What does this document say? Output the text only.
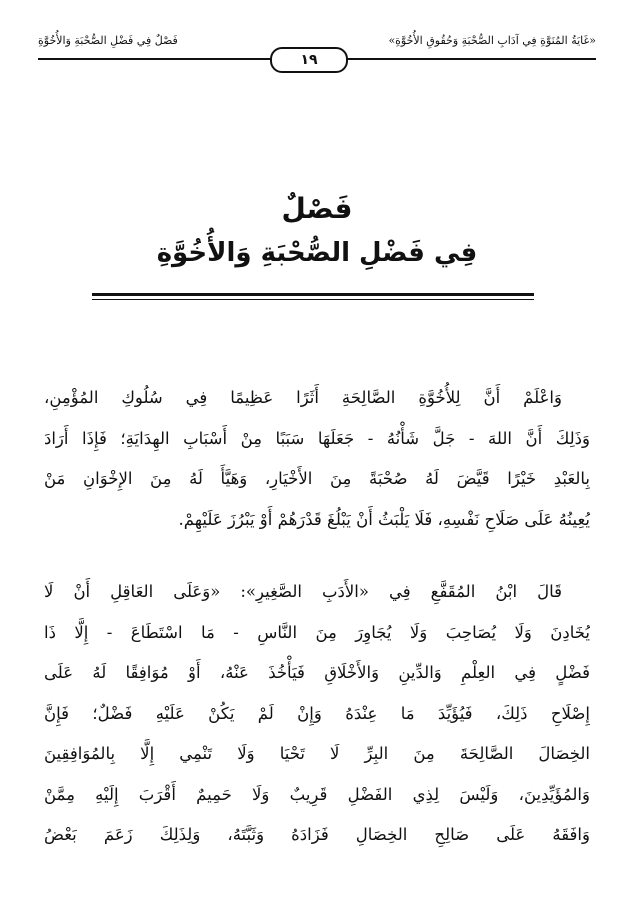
«غَايَةُ المُنَوَّةِ فِي آدَابِ الصُّحْبَةِ وَحُقُوقِ الأُخُوَّةِ»
فَصْلٌ فِي فَضْلِ الصُّحْبَةِ وَالأُخُوَّةِ
١٩
فَصْلٌ
فِي فَضْلِ الصُّحْبَةِ وَالأُخُوَّةِ
وَاعْلَمْ أَنَّ لِلأُخُوَّةِ الصَّالِحَةِ أَثَرًا عَظِيمًا فِي سُلُوكِ المُؤْمِنِ،
وَذَلِكَ أَنَّ اللهَ - جَلَّ شَأْنُهُ - جَعَلَهَا سَبَبًا مِنْ أَسْبَابِ الهِدَايَةِ؛ فَإِذَا أَرَادَ
بِالعَبْدِ خَيْرًا قَيَّضَ لَهُ صُحْبَةً مِنَ الأَخْيَارِ، وَهَيَّأَ لَهُ مِنَ الإِخْوَانِ مَنْ
يُعِينُهُ عَلَى صَلَاحِ نَفْسِهِ، فَلَا يَلْبَثُ أَنْ يَبْلُغَ قَدْرَهُمْ أَوْ يَبْرُزَ عَلَيْهِمْ.
قَالَ ابْنُ المُقَفَّعِ فِي «الأَدَبِ الصَّغِيرِ»: «وَعَلَى العَاقِلِ أَنْ لَا
يُخَادِنَ وَلَا يُصَاحِبَ وَلَا يُجَاوِرَ مِنَ النَّاسِ - مَا اسْتَطَاعَ - إِلَّا ذَا
فَضْلٍ فِي العِلْمِ وَالدِّينِ وَالأَخْلَاقِ فَيَأْخُذَ عَنْهُ، أَوْ مُوَافِقًا لَهُ عَلَى
إِصْلَاحِ ذَلِكَ، فَيُؤَيِّدَ مَا عِنْدَهُ وَإِنْ لَمْ يَكُنْ عَلَيْهِ فَضْلٌ؛ فَإِنَّ
الخِصَالَ الصَّالِحَةَ مِنَ البِرِّ لَا تَحْيَا وَلَا تَنْمِي إِلَّا بِالمُوَافِقِينَ
وَالمُؤَيِّدِينَ، وَلَيْسَ لِذِي الفَضْلِ قَرِيبٌ وَلَا حَمِيمٌ أَقْرَبَ إِلَيْهِ مِمَّنْ
وَافَقَهُ عَلَى صَالِحِ الخِصَالِ فَزَادَهُ وَثَبَّتَهُ، وَلِذَلِكَ زَعَمَ بَعْضُ
